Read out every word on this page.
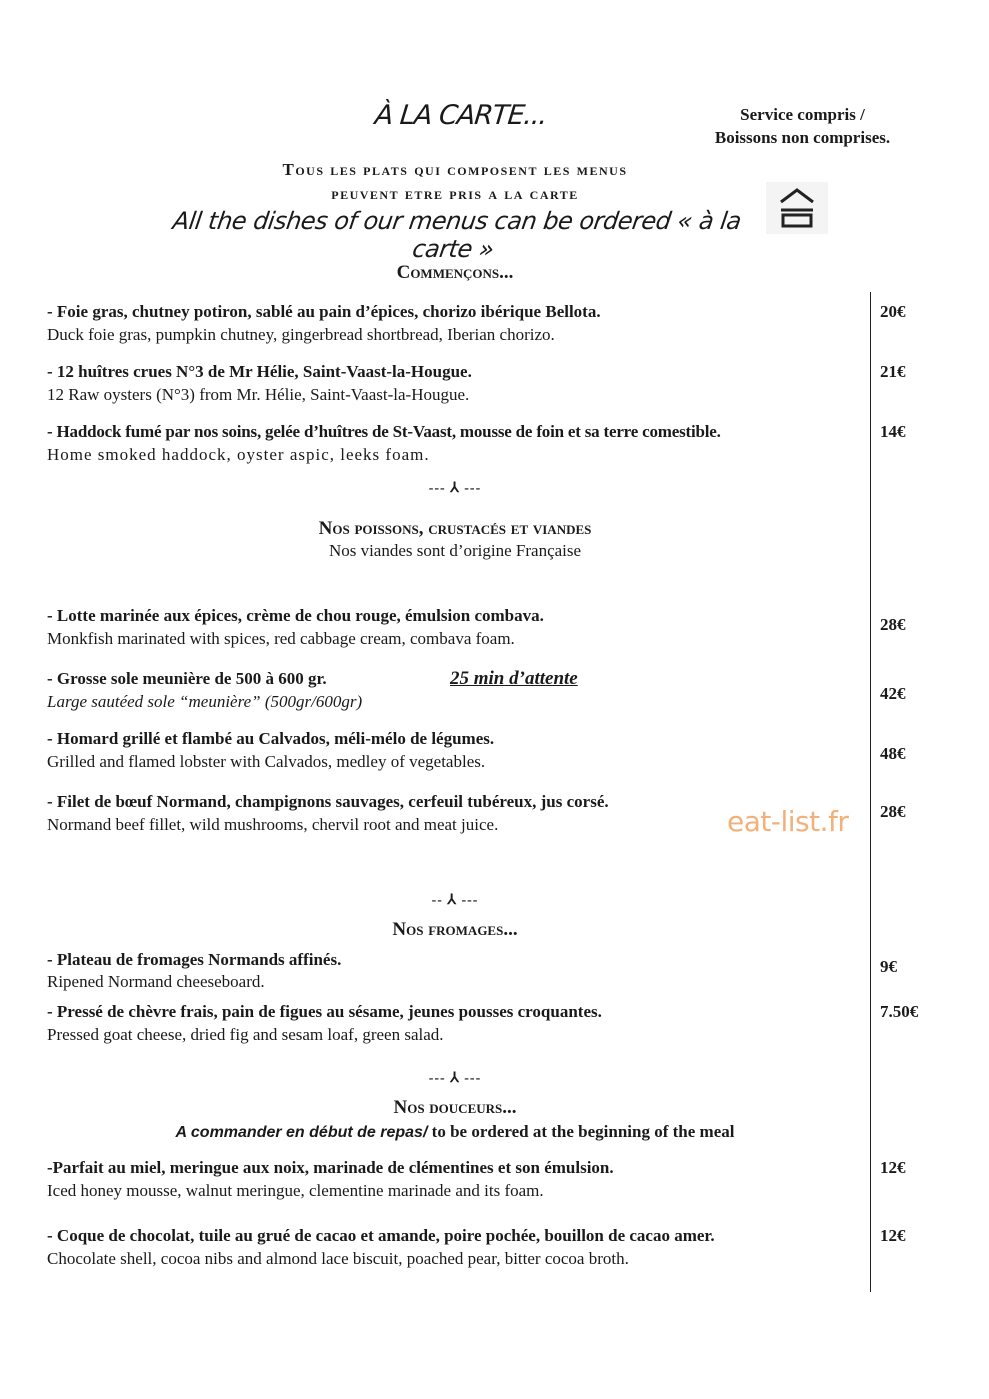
À LA CARTE...	Service compris /
Boissons non comprises.
Tous les plats qui composent les menus
peuvent etre pris a la carte
All the dishes of our menus can be ordered « à la carte »
Commençons...
- Foie gras, chutney potiron, sablé au pain d’épices, chorizo ibérique Bellota.
Duck foie gras, pumpkin chutney, gingerbread shortbread, Iberian chorizo.
20€
- 12 huîtres crues N°3 de Mr Hélie, Saint-Vaast-la-Hougue.
12 Raw oysters (N°3) from Mr. Hélie, Saint-Vaast-la-Hougue.
21€
- Haddock fumé par nos soins, gelée d’huîtres de St-Vaast, mousse de foin et sa terre comestible.
Home smoked haddock, oyster aspic, leeks foam.
14€
--- ⅄ ---
Nos poissons, crustacés et viandes
Nos viandes sont d’origine Française
- Lotte marinée aux épices, crème de chou rouge, émulsion combava.
Monkfish marinated with spices, red cabbage cream, combava foam.
28€
- Grosse sole meunière de 500 à 600 gr.
Large sautéed sole “meunière” (500gr/600gr)
25 min d’attente
42€
- Homard grillé et flambé au Calvados, méli-mélo de légumes.
Grilled and flamed lobster with Calvados, medley of vegetables.	48€
- Filet de bœuf Normand, champignons sauvages, cerfeuil tubéreux, jus corsé.
Normand beef fillet, wild mushrooms, chervil root and meat juice.
28€
eat-list.fr
-- ⅄ ---
Nos fromages...
- Plateau de fromages Normands affinés.
Ripened Normand cheeseboard.
9€
- Pressé de chèvre frais, pain de figues au sésame, jeunes pousses croquantes.
Pressed goat cheese, dried fig and sesam loaf, green salad.
7.50€
--- ⅄ ---
Nos douceurs...
A commander en début de repas/ to be ordered at the beginning of the meal
-Parfait au miel, meringue aux noix, marinade de clémentines et son émulsion.
Iced honey mousse, walnut meringue, clementine marinade and its foam.
12€
- Coque de chocolat, tuile au grué de cacao et amande, poire pochée, bouillon de cacao amer.
Chocolate shell, cocoa nibs and almond lace biscuit, poached pear, bitter cocoa broth.
12€
